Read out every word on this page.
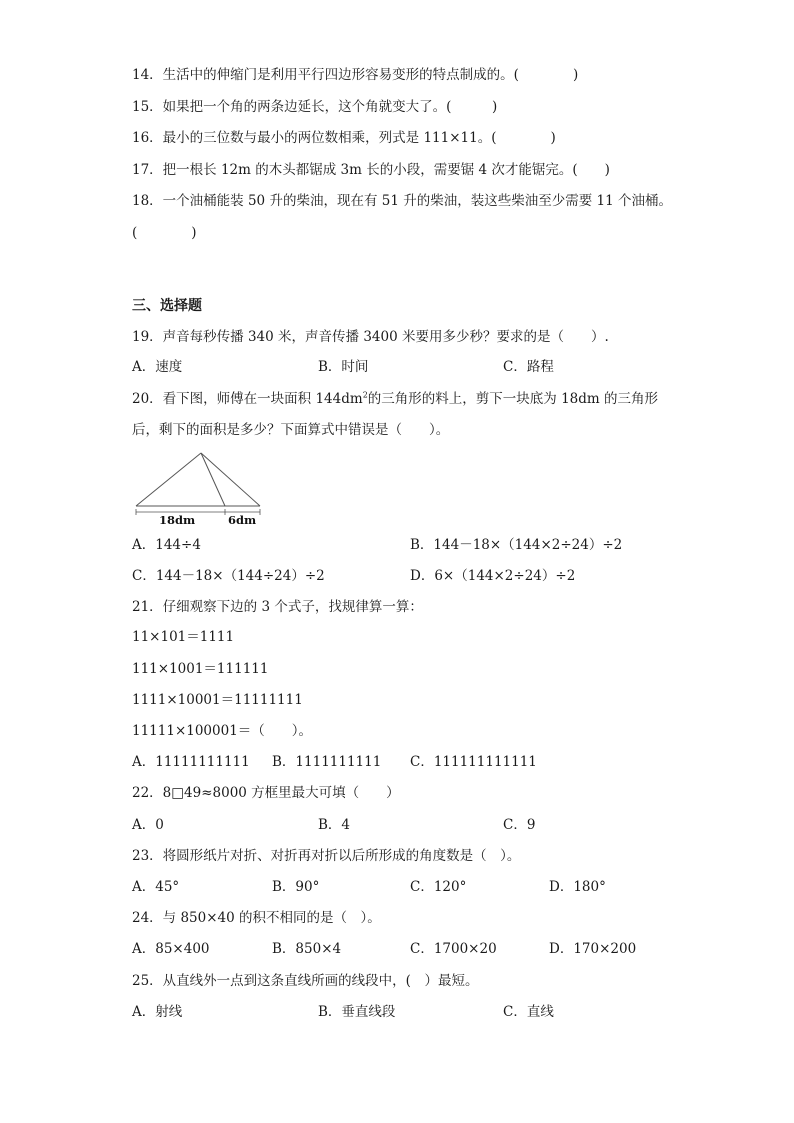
14．生活中的伸缩门是利用平行四边形容易变形的特点制成的。(　　　　)
15．如果把一个角的两条边延长，这个角就变大了。(　　　)
16．最小的三位数与最小的两位数相乘，列式是 111×11。(　　　　)
17．把一根长 12m 的木头都锯成 3m 长的小段，需要锯 4 次才能锯完。(　　)
18．一个油桶能装 50 升的柴油，现在有 51 升的柴油，装这些柴油至少需要 11 个油桶。
(　　　　)
三、选择题
19．声音每秒传播 340 米，声音传播 3400 米要用多少秒？要求的是（　　）.
A．速度	B．时间	C．路程
20．看下图，师傅在一块面积 $144dm^2$的三角形的料上，剪下一块底为 18dm 的三角形
后，剩下的面积是多少？下面算式中错误是（　　）。
18dm	6dm
A．144÷4	B．144－18×（144×2÷24）÷2
C．144－18×（144÷24）÷2	D．6×（144×2÷24）÷2
21．仔细观察下边的 3 个式子，找规律算一算：
11×101＝1111
111×1001＝111111
1111×10001＝11111111
11111×100001＝（　　）。
A．11111111111 B．1111111111 C．111111111111
22．8□49≈8000 方框里最大可填（　　）
A．0	B．4	C．9
23．将圆形纸片对折、对折再对折以后所形成的角度数是（　）。
A．45°	B．90°	C．120°	D．180°
24．与 850×40 的积不相同的是（　）。
A．85×400	B．850×4	C．1700×20	D．170×200
25．从直线外一点到这条直线所画的线段中，(　）最短。
A．射线	B．垂直线段	C．直线
